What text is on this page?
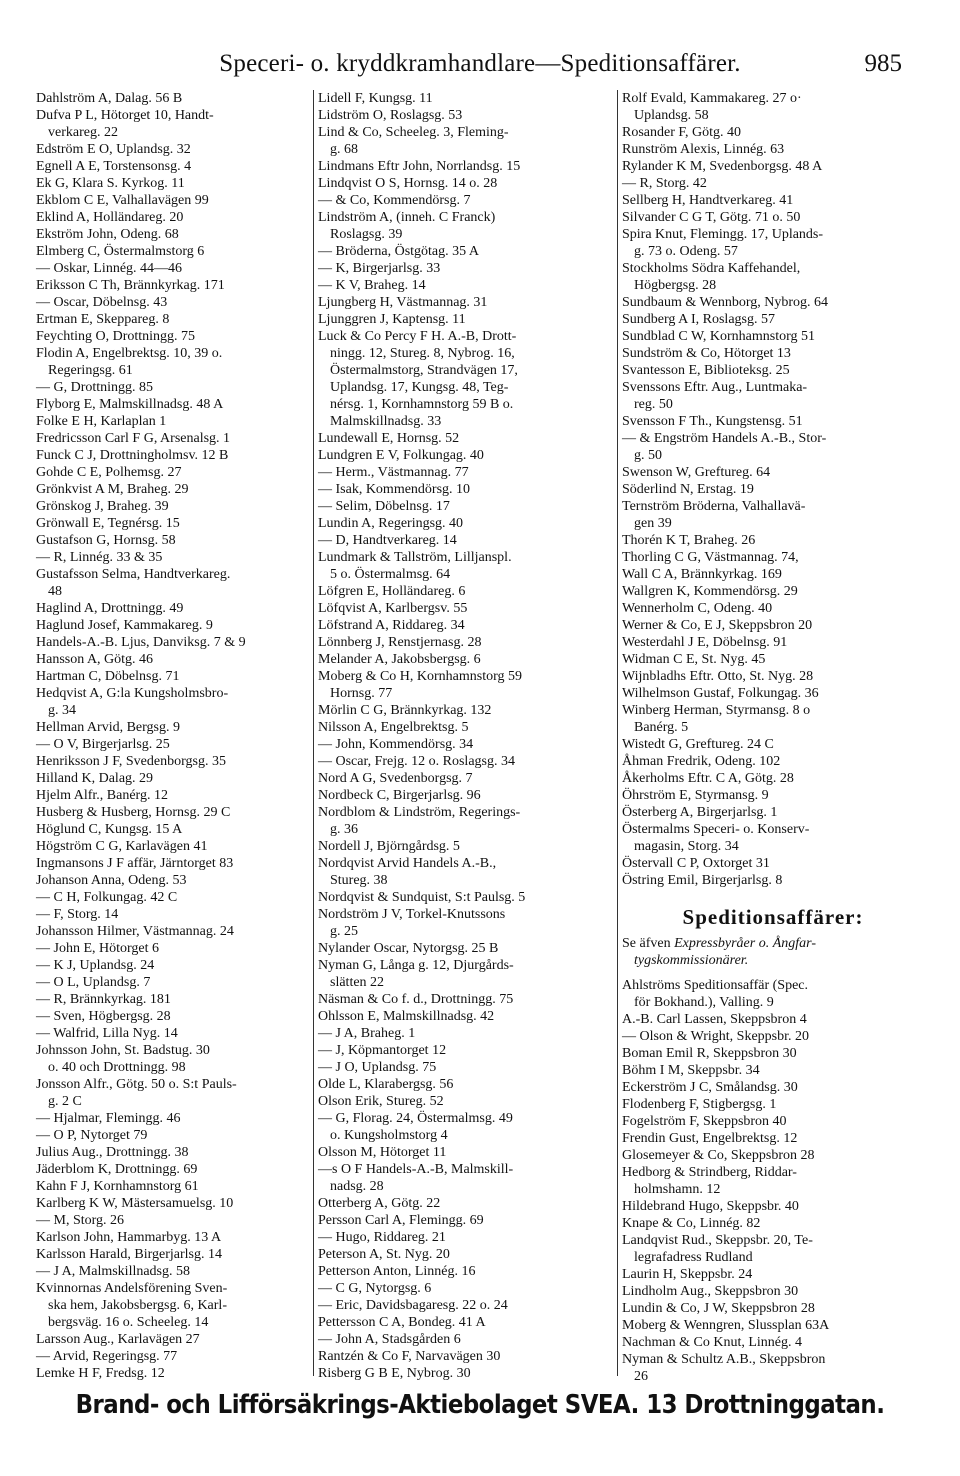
Speceri- o. kryddkramhandlare—Speditionsaffärer.	985
Dahlström A, Dalag. 56 B
Dufva P L, Hötorget 10, Handt-
verkareg. 22
Edström E O, Uplandsg. 32
Egnell A E, Torstensonsg. 4
Ek G, Klara S. Kyrkog. 11
Ekblom C E, Valhallavägen 99
Eklind A, Holländareg. 20
Ekström John, Odeng. 68
Elmberg C, Östermalmstorg 6
— Oskar, Linnég. 44—46
Eriksson C Th, Brännkyrkag. 171
— Oscar, Döbelnsg. 43
Ertman E, Skeppareg. 8
Feychting O, Drottningg. 75
Flodin A, Engelbrektsg. 10, 39 o.
Regeringsg. 61
— G, Drottningg. 85
Flyborg E, Malmskillnadsg. 48 A
Folke E H, Karlaplan 1
Fredricsson Carl F G, Arsenalsg. 1
Funck C J, Drottningholmsv. 12 B
Gohde C E, Polhemsg. 27
Grönkvist A M, Braheg. 29
Grönskog J, Braheg. 39
Grönwall E, Tegnérsg. 15
Gustafson G, Hornsg. 58
— R, Linnég. 33 & 35
Gustafsson Selma, Handtverkareg.
48
Haglind A, Drottningg. 49
Haglund Josef, Kammakareg. 9
Handels-A.-B. Ljus, Danviksg. 7 & 9
Hansson A, Götg. 46
Hartman C, Döbelnsg. 71
Hedqvist A, G:la Kungsholmsbro-
g. 34
Hellman Arvid, Bergsg. 9
— O V, Birgerjarlsg. 25
Henriksson J F, Svedenborgsg. 35
Hilland K, Dalag. 29
Hjelm Alfr., Banérg. 12
Husberg & Husberg, Hornsg. 29 C
Höglund C, Kungsg. 15 A
Högström C G, Karlavägen 41
Ingmansons J F affär, Järntorget 83
Johanson Anna, Odeng. 53
— C H, Folkungag. 42 C
— F, Storg. 14
Johansson Hilmer, Västmannag. 24
— John E, Hötorget 6
— K J, Uplandsg. 24
— O L, Uplandsg. 7
— R, Brännkyrkag. 181
— Sven, Högbergsg. 28
— Walfrid, Lilla Nyg. 14
Johnsson John, St. Badstug. 30
o. 40 och Drottningg. 98
Jonsson Alfr., Götg. 50 o. S:t Pauls-
g. 2 C
— Hjalmar, Flemingg. 46
— O P, Nytorget 79
Julius Aug., Drottningg. 38
Jäderblom K, Drottningg. 69
Kahn F J, Kornhamnstorg 61
Karlberg K W, Mästersamuelsg. 10
— M, Storg. 26
Karlson John, Hammarbyg. 13 A
Karlsson Harald, Birgerjarlsg. 14
— J A, Malmskillnadsg. 58
Kvinnornas Andelsförening Sven-
ska hem, Jakobsbergsg. 6, Karl-
bergsväg. 16 o. Scheeleg. 14
Larsson Aug., Karlavägen 27
— Arvid, Regeringsg. 77
Lemke H F, Fredsg. 12
Lidell F, Kungsg. 11
Lidström O, Roslagsg. 53
Lind & Co, Scheeleg. 3, Fleming-
g. 68
Lindmans Eftr John, Norrlandsg. 15
Lindqvist O S, Hornsg. 14 o. 28
— & Co, Kommendörsg. 7
Lindström A, (inneh. C Franck)
Roslagsg. 39
— Bröderna, Östgötag. 35 A
— K, Birgerjarlsg. 33
— K V, Braheg. 14
Ljungberg H, Västmannag. 31
Ljunggren J, Kaptensg. 11
Luck & Co Percy F H. A.-B, Drott-
ningg. 12, Stureg. 8, Nybrog. 16,
Östermalmstorg, Strandvägen 17,
Uplandsg. 17, Kungsg. 48, Teg-
nérsg. 1, Kornhamnstorg 59 B o.
Malmskillnadsg. 33
Lundewall E, Hornsg. 52
Lundgren E V, Folkungag. 40
— Herm., Västmannag. 77
— Isak, Kommendörsg. 10
— Selim, Döbelnsg. 17
Lundin A, Regeringsg. 40
— D, Handtverkareg. 14
Lundmark & Tallström, Lilljanspl.
5 o. Östermalmsg. 64
Löfgren E, Holländareg. 6
Löfqvist A, Karlbergsv. 55
Löfstrand A, Riddareg. 34
Lönnberg J, Renstjernasg. 28
Melander A, Jakobsbergsg. 6
Moberg & Co H, Kornhamnstorg 59
Hornsg. 77
Mörlin C G, Brännkyrkag. 132
Nilsson A, Engelbrektsg. 5
— John, Kommendörsg. 34
— Oscar, Frejg. 12 o. Roslagsg. 34
Nord A G, Svedenborgsg. 7
Nordbeck C, Birgerjarlsg. 96
Nordblom & Lindström, Regerings-
g. 36
Nordell J, Björngårdsg. 5
Nordqvist Arvid Handels A.-B.,
Stureg. 38
Nordqvist & Sundquist, S:t Paulsg. 5
Nordström J V, Torkel-Knutssons
g. 25
Nylander Oscar, Nytorgsg. 25 B
Nyman G, Långa g. 12, Djurgårds-
slätten 22
Näsman & Co f. d., Drottningg. 75
Ohlsson E, Malmskillnadsg. 42
— J A, Braheg. 1
— J, Köpmantorget 12
— J O, Uplandsg. 75
Olde L, Klarabergsg. 56
Olson Erik, Stureg. 52
— G, Florag. 24, Östermalmsg. 49
o. Kungsholmstorg 4
Olsson M, Hötorget 11
—s O F Handels-A.-B, Malmskill-
nadsg. 28
Otterberg A, Götg. 22
Persson Carl A, Flemingg. 69
— Hugo, Riddareg. 21
Peterson A, St. Nyg. 20
Petterson Anton, Linnég. 16
— C G, Nytorgsg. 6
— Eric, Davidsbagaresg. 22 o. 24
Pettersson C A, Bondeg. 41 A
— John A, Stadsgården 6
Rantzén & Co F, Narvavägen 30
Risberg G B E, Nybrog. 30
Rolf Evald, Kammakareg. 27 o·
Uplandsg. 58
Rosander F, Götg. 40
Runström Alexis, Linnég. 63
Rylander K M, Svedenborgsg. 48 A
— R, Storg. 42
Sellberg H, Handtverkareg. 41
Silvander C G T, Götg. 71 o. 50
Spira Knut, Flemingg. 17, Uplands-
g. 73 o. Odeng. 57
Stockholms Södra Kaffehandel,
Högbergsg. 28
Sundbaum & Wennborg, Nybrog. 64
Sundberg A I, Roslagsg. 57
Sundblad C W, Kornhamnstorg 51
Sundström & Co, Hötorget 13
Svantesson E, Biblioteksg. 25
Svenssons Eftr. Aug., Luntmaka-
reg. 50
Svensson F Th., Kungstensg. 51
— & Engström Handels A.-B., Stor-
g. 50
Swenson W, Greftureg. 64
Söderlind N, Erstag. 19
Ternström Bröderna, Valhallavä-
gen 39
Thorén K T, Braheg. 26
Thorling C G, Västmannag. 74,
Wall C A, Brännkyrkag. 169
Wallgren K, Kommendörsg. 29
Wennerholm C, Odeng. 40
Werner & Co, E J, Skeppsbron 20
Westerdahl J E, Döbelnsg. 91
Widman C E, St. Nyg. 45
Wijnbladhs Eftr. Otto, St. Nyg. 28
Wilhelmson Gustaf, Folkungag. 36
Winberg Herman, Styrmansg. 8 o
Banérg. 5
Wistedt G, Greftureg. 24 C
Åhman Fredrik, Odeng. 102
Åkerholms Eftr. C A, Götg. 28
Öhrström E, Styrmansg. 9
Österberg A, Birgerjarlsg. 1
Östermalms Speceri- o. Konserv-
magasin, Storg. 34
Östervall C P, Oxtorget 31
Östring Emil, Birgerjarlsg. 8
Speditionsaffärer:
Se äfven Expressbyråer o. Ångfar-
tygskommissionärer.
Ahlströms Speditionsaffär (Spec.
för Bokhand.), Valling. 9
A.-B. Carl Lassen, Skeppsbron 4
— Olson & Wright, Skeppsbr. 20
Boman Emil R, Skeppsbron 30
Böhm I M, Skeppsbr. 34
Eckerström J C, Smålandsg. 30
Flodenberg F, Stigbergsg. 1
Fogelström F, Skeppsbron 40
Frendin Gust, Engelbrektsg. 12
Glosemeyer & Co, Skeppsbron 28
Hedborg & Strindberg, Riddar-
holmshamn. 12
Hildebrand Hugo, Skeppsbr. 40
Knape & Co, Linnég. 82
Landqvist Rud., Skeppsbr. 20, Te-
legrafadress Rudland
Laurin H, Skeppsbr. 24
Lindholm Aug., Skeppsbron 30
Lundin & Co, J W, Skeppsbron 28
Moberg & Wenngren, Slussplan 63A
Nachman & Co Knut, Linnég. 4
Nyman & Schultz A.B., Skeppsbron
26
Brand- och Lifförsäkrings-Aktiebolaget SVEA. 13 Drottninggatan.
